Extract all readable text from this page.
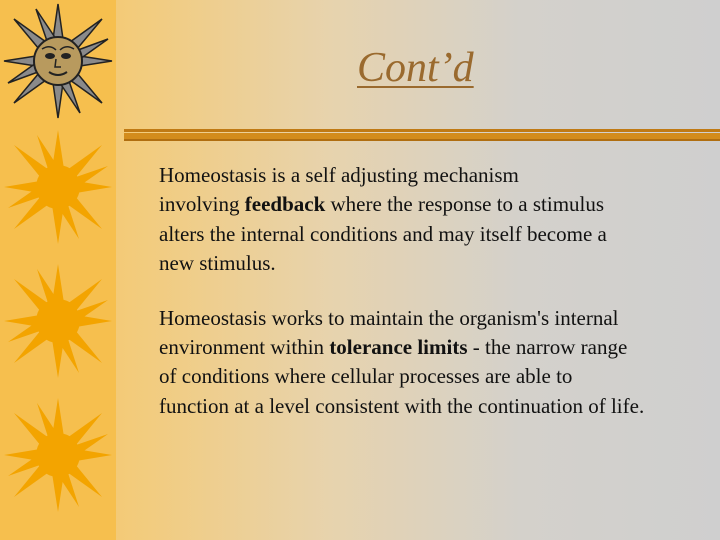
Cont’d

Homeostasis is a self adjusting mechanism
involving feedback where the response to a stimulus
alters the internal conditions and may itself become a
new stimulus.

Homeostasis works to maintain the organism's internal
environment within tolerance limits - the narrow range
of conditions where cellular processes are able to
function at a level consistent with the continuation of life.
